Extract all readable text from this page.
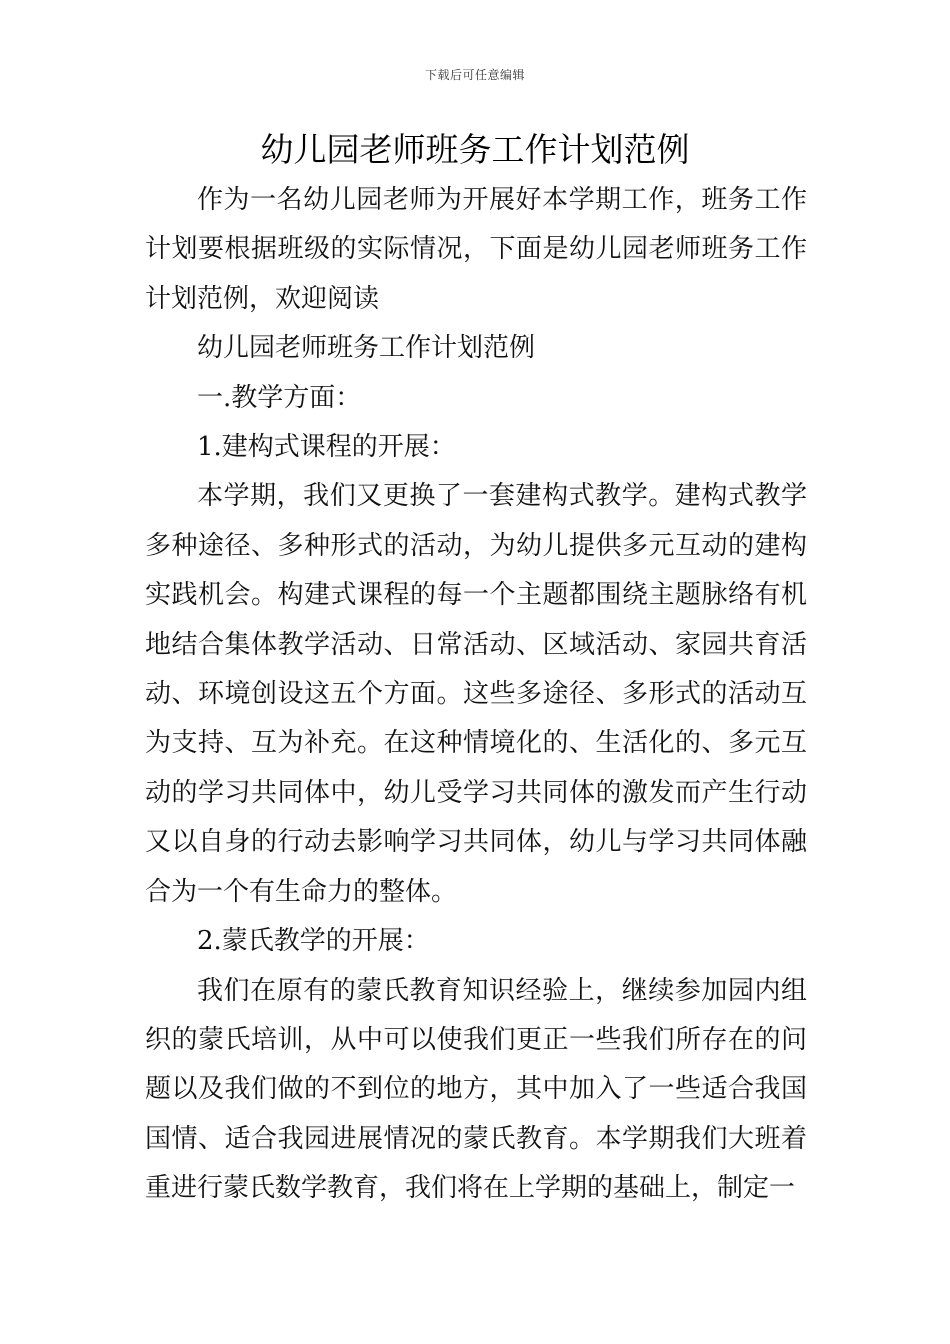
下载后可任意编辑
幼儿园老师班务工作计划范例

作为一名幼儿园老师为开展好本学期工作，班务工作计划要根据班级的实际情况，下面是幼儿园老师班务工作计划范例，欢迎阅读

幼儿园老师班务工作计划范例

一.教学方面：

1.建构式课程的开展：

本学期，我们又更换了一套建构式教学。建构式教学多种途径、多种形式的活动，为幼儿提供多元互动的建构实践机会。构建式课程的每一个主题都围绕主题脉络有机地结合集体教学活动、日常活动、区域活动、家园共育活动、环境创设这五个方面。这些多途径、多形式的活动互为支持、互为补充。在这种情境化的、生活化的、多元互动的学习共同体中，幼儿受学习共同体的激发而产生行动又以自身的行动去影响学习共同体，幼儿与学习共同体融合为一个有生命力的整体。

2.蒙氏教学的开展：

我们在原有的蒙氏教育知识经验上，继续参加园内组织的蒙氏培训，从中可以使我们更正一些我们所存在的问题以及我们做的不到位的地方，其中加入了一些适合我国国情、适合我园进展情况的蒙氏教育。本学期我们大班着重进行蒙氏数学教育，我们将在上学期的基础上，制定一
